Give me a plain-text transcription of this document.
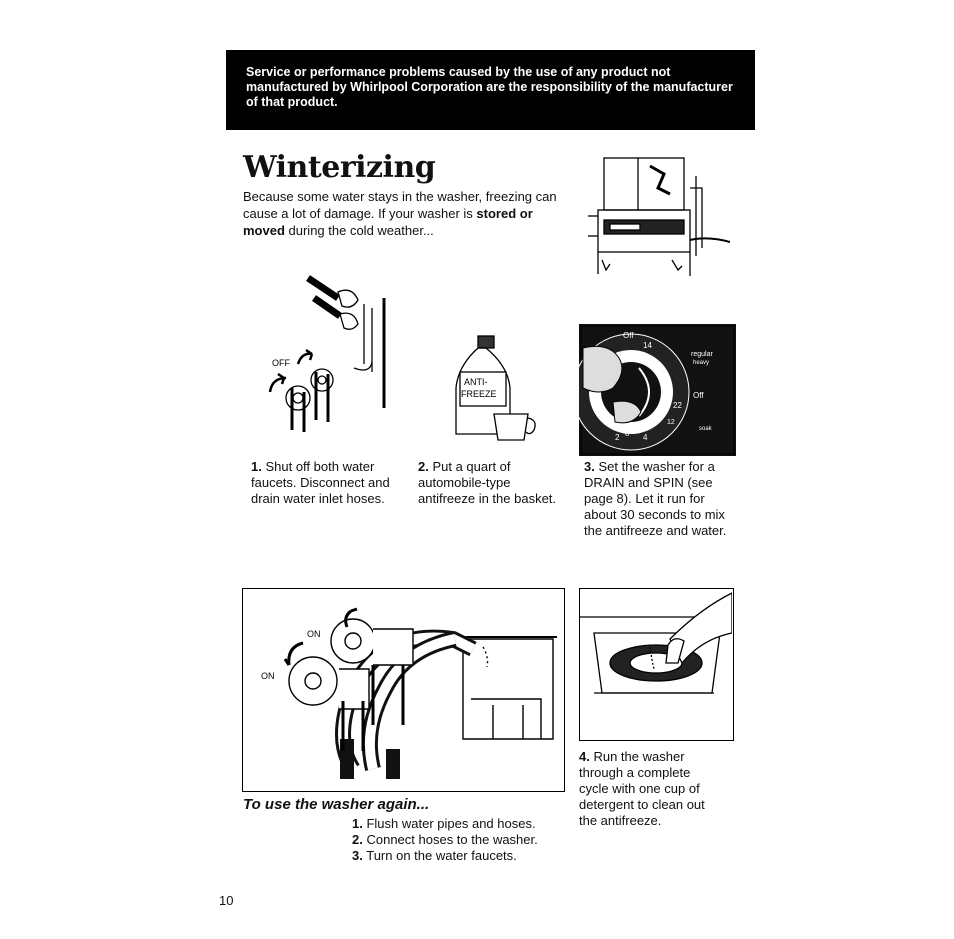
Service or performance problems caused by the use of any product not manufactured by Whirlpool Corporation are the responsibility of the manufacturer of that product.
Winterizing
Because some water stays in the washer, freezing can cause a lot of damage. If your washer is stored or moved during the cold weather...
OFF
ANTI-
FREEZE
Off
14
regular
heavy
Off
22
12
soak
2 8 4
1. Shut off both water faucets. Disconnect and drain water inlet hoses.
2. Put a quart of automobile-type antifreeze in the basket.
3. Set the washer for a DRAIN and SPIN (see page 8). Let it run for about 30 seconds to mix the antifreeze and water.
ON
ON
4. Run the washer through a complete cycle with one cup of detergent to clean out the antifreeze.
To use the washer again...
1. Flush water pipes and hoses.
2. Connect hoses to the washer.
3. Turn on the water faucets.
10
